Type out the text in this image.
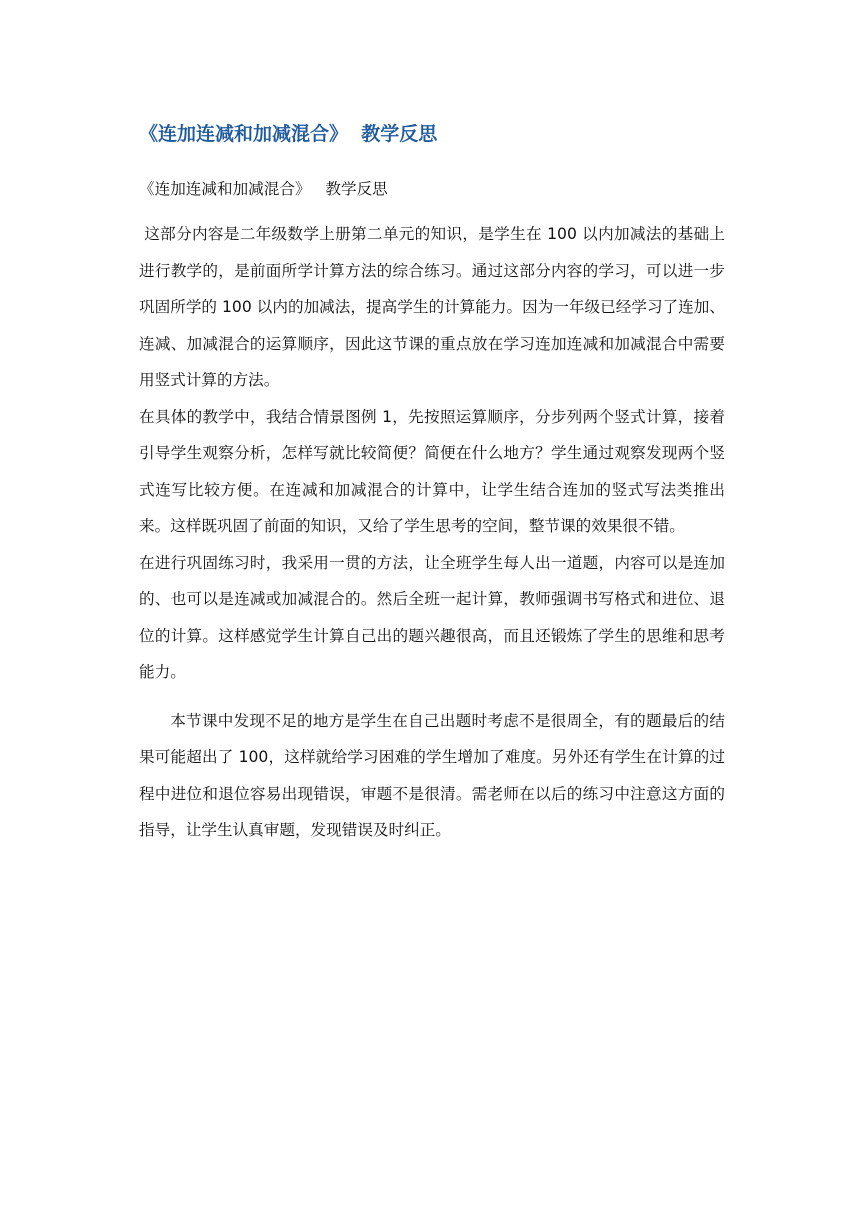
《连加连减和加减混合》  教学反思

《连加连减和加减混合》   教学反思

这部分内容是二年级数学上册第二单元的知识，是学生在 100 以内加减法的基础上进行教学的，是前面所学计算方法的综合练习。通过这部分内容的学习，可以进一步巩固所学的 100 以内的加减法，提高学生的计算能力。因为一年级已经学习了连加、连减、加减混合的运算顺序，因此这节课的重点放在学习连加连减和加减混合中需要用竖式计算的方法。

在具体的教学中，我结合情景图例 1，先按照运算顺序，分步列两个竖式计算，接着引导学生观察分析，怎样写就比较简便？简便在什么地方？学生通过观察发现两个竖式连写比较方便。在连减和加减混合的计算中，让学生结合连加的竖式写法类推出来。这样既巩固了前面的知识，又给了学生思考的空间，整节课的效果很不错。

在进行巩固练习时，我采用一贯的方法，让全班学生每人出一道题，内容可以是连加的、也可以是连减或加减混合的。然后全班一起计算，教师强调书写格式和进位、退位的计算。这样感觉学生计算自己出的题兴趣很高，而且还锻炼了学生的思维和思考能力。

本节课中发现不足的地方是学生在自己出题时考虑不是很周全，有的题最后的结果可能超出了 100，这样就给学习困难的学生增加了难度。另外还有学生在计算的过程中进位和退位容易出现错误，审题不是很清。需老师在以后的练习中注意这方面的指导，让学生认真审题，发现错误及时纠正。
